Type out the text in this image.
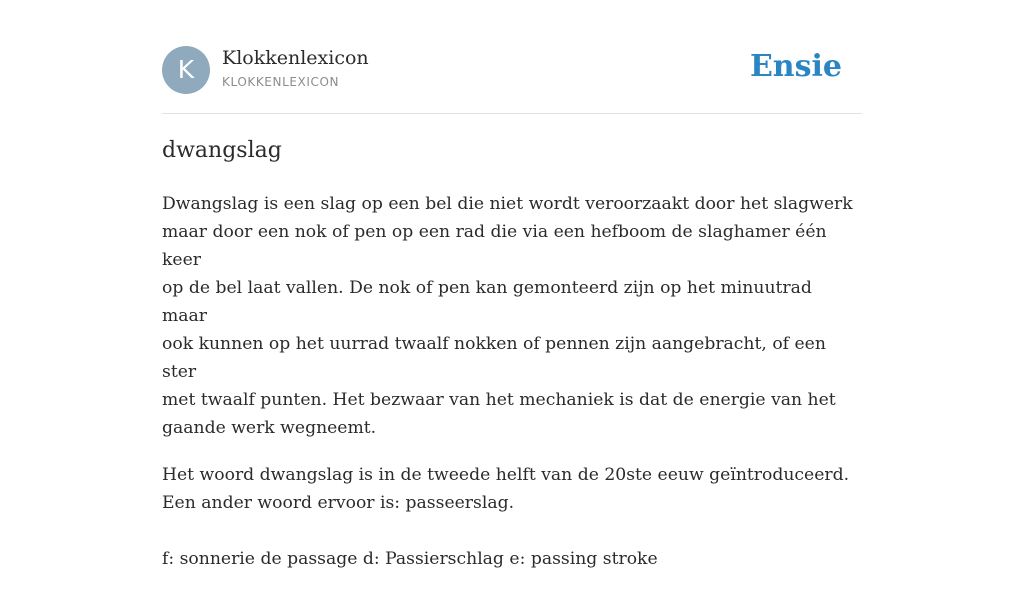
K	Klokkenlexicon
KLOKKENLEXICON	Ensie
dwangslag

Dwangslag is een slag op een bel die niet wordt veroorzaakt door het slagwerk
maar door een nok of pen op een rad die via een hefboom de slaghamer één keer
op de bel laat vallen. De nok of pen kan gemonteerd zijn op het minuutrad maar
ook kunnen op het uurrad twaalf nokken of pennen zijn aangebracht, of een ster
met twaalf punten. Het bezwaar van het mechaniek is dat de energie van het
gaande werk wegneemt.

Het woord dwangslag is in de tweede helft van de 20ste eeuw geïntroduceerd.
Een ander woord ervoor is: passeerslag.

f: sonnerie de passage d: Passierschlag e: passing stroke
